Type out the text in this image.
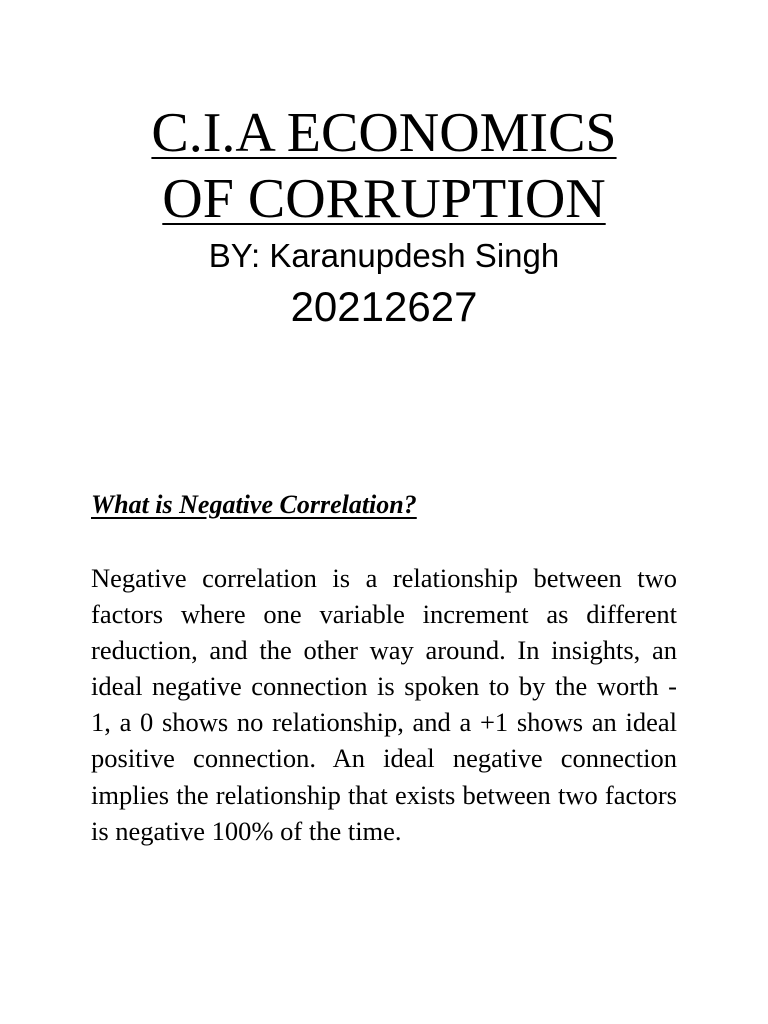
C.I.A ECONOMICS
OF CORRUPTION
BY: Karanupdesh Singh
20212627
What is Negative Correlation?
Negative correlation is a relationship between two factors where one variable increment as different reduction, and the other way around. In insights, an ideal negative connection is spoken to by the worth - 1, a 0 shows no relationship, and a +1 shows an ideal positive connection. An ideal negative connection implies the relationship that exists between two factors is negative 100% of the time.
